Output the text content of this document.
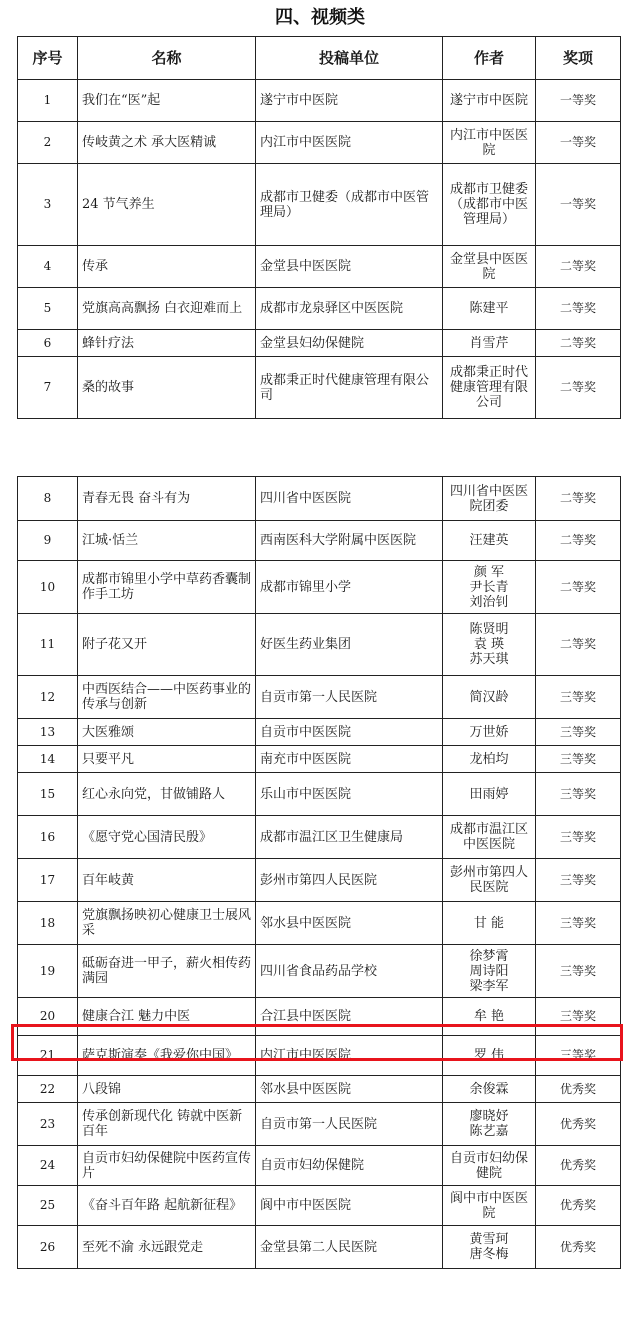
四、视频类
序号	名称	投稿单位	作者	奖项
1	我们在“医”起	遂宁市中医院	遂宁市中医院	一等奖
2	传岐黄之术 承大医精诚	内江市中医医院	内江市中医医院	一等奖
3	24 节气养生	成都市卫健委（成都市中医管理局）	成都市卫健委（成都市中医管理局）	一等奖
4	传承	金堂县中医医院	金堂县中医医院	二等奖
5	党旗高高飘扬 白衣迎难而上	成都市龙泉驿区中医医院	陈建平	二等奖
6	蜂针疗法	金堂县妇幼保健院	肖雪芹	二等奖
7	桑的故事	成都秉正时代健康管理有限公司	成都秉正时代健康管理有限公司	二等奖
8	青春无畏 奋斗有为	四川省中医医院	四川省中医医院团委	二等奖
9	江城·恬兰	西南医科大学附属中医医院	汪建英	二等奖
10	成都市锦里小学中草药香囊制作手工坊	成都市锦里小学	颜 军
尹长青
刘治钊	二等奖
11	附子花又开	好医生药业集团	陈贤明
袁 瑛
苏天琪	二等奖
12	中西医结合——中医药事业的传承与创新	自贡市第一人民医院	简汉龄	三等奖
13	大医雅颂	自贡市中医医院	万世娇	三等奖
14	只要平凡	南充市中医医院	龙柏均	三等奖
15	红心永向党，甘做铺路人	乐山市中医医院	田雨婷	三等奖
16	《愿守党心国清民殷》	成都市温江区卫生健康局	成都市温江区中医医院	三等奖
17	百年岐黄	彭州市第四人民医院	彭州市第四人民医院	三等奖
18	党旗飘扬映初心健康卫士展风采	邻水县中医医院	甘 能	三等奖
19	砥砺奋进一甲子，薪火相传药满园	四川省食品药品学校	徐梦霄
周诗阳
梁李军	三等奖
20	健康合江 魅力中医	合江县中医医院	牟 艳	三等奖
21	萨克斯演奏《我爱你中国》	内江市中医医院	罗 伟	三等奖
22	八段锦	邻水县中医医院	余俊霖	优秀奖
23	传承创新现代化 铸就中医新百年	自贡市第一人民医院	廖晓妤
陈艺嘉	优秀奖
24	自贡市妇幼保健院中医药宣传片	自贡市妇幼保健院	自贡市妇幼保健院	优秀奖
25	《奋斗百年路 起航新征程》	阆中市中医医院	阆中市中医医院	优秀奖
26	至死不渝 永远跟党走	金堂县第二人民医院	黄雪珂
唐冬梅	优秀奖
